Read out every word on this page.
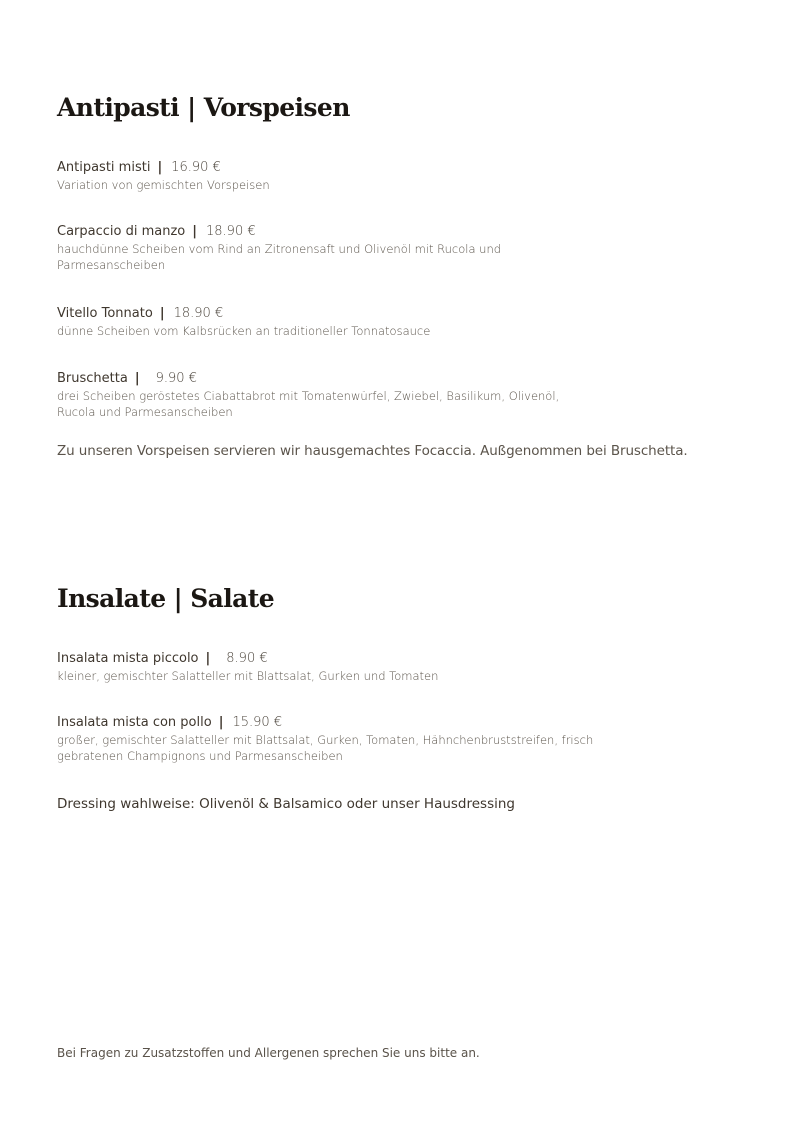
Antipasti | Vorspeisen
Antipasti misti | 16.90 €
Variation von gemischten Vorspeisen
Carpaccio di manzo | 18.90 €
hauchdünne Scheiben vom Rind an Zitronensaft und Olivenöl mit Rucola und Parmesanscheiben
Vitello Tonnato | 18.90 €
dünne Scheiben vom Kalbsrücken an traditioneller Tonnatosauce
Bruschetta | 9.90 €
drei Scheiben geröstetes Ciabattabrot mit Tomatenwürfel, Zwiebel, Basilikum, Olivenöl, Rucola und Parmesanscheiben
Zu unseren Vorspeisen servieren wir hausgemachtes Focaccia. Außgenommen bei Bruschetta.
Insalate | Salate
Insalata mista piccolo | 8.90 €
kleiner, gemischter Salatteller mit Blattsalat, Gurken und Tomaten
Insalata mista con pollo | 15.90 €
großer, gemischter Salatteller mit Blattsalat, Gurken, Tomaten, Hähnchenbruststreifen, frisch gebratenen Champignons und Parmesanscheiben
Dressing wahlweise: Olivenöl & Balsamico oder unser Hausdressing
Bei Fragen zu Zusatzstoffen und Allergenen sprechen Sie uns bitte an.
